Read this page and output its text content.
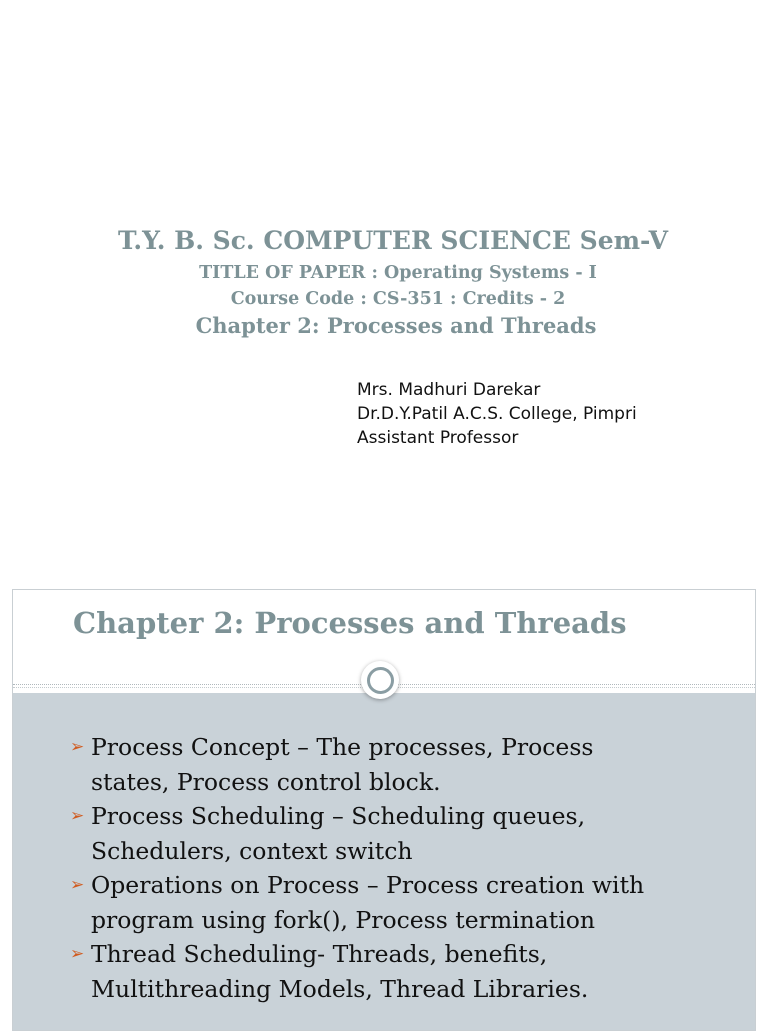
T.Y. B. Sc. COMPUTER SCIENCE Sem-V
TITLE OF PAPER : Operating Systems - I
Course Code : CS-351 : Credits - 2
Chapter 2: Processes and Threads
Mrs. Madhuri Darekar
Dr.D.Y.Patil A.C.S. College, Pimpri
Assistant Professor
Chapter 2: Processes and Threads
➢ Process Concept – The processes, Process
states, Process control block.
➢ Process Scheduling – Scheduling queues,
Schedulers, context switch
➢ Operations on Process – Process creation with
program using fork(), Process termination
➢ Thread Scheduling- Threads, benefits,
Multithreading Models, Thread Libraries.
